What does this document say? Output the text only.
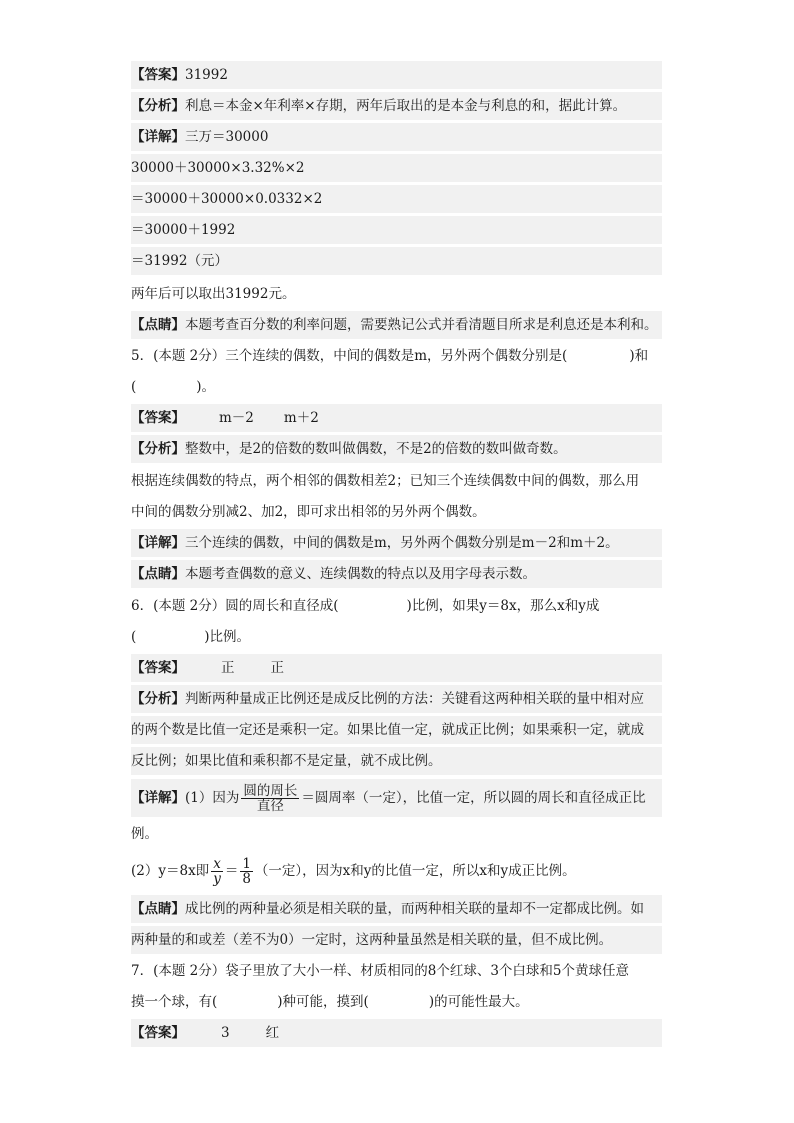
【答案】31992
【分析】利息＝本金×年利率×存期，两年后取出的是本金与利息的和，据此计算。
【详解】三万＝30000
30000＋30000×3.32%×2
＝30000＋30000×0.0332×2
＝30000＋1992
＝31992（元）
两年后可以取出31992元。
【点睛】本题考查百分数的利率问题，需要熟记公式并看清题目所求是利息还是本利和。
5．(本题 2分）三个连续的偶数，中间的偶数是m，另外两个偶数分别是(	)和
(	)。
【答案】	m－2 m＋2
【分析】整数中，是2的倍数的数叫做偶数，不是2的倍数的数叫做奇数。
根据连续偶数的特点，两个相邻的偶数相差2；已知三个连续偶数中间的偶数，那么用
中间的偶数分别减2、加2，即可求出相邻的另外两个偶数。
【详解】三个连续的偶数，中间的偶数是m，另外两个偶数分别是m－2和m＋2。
【点睛】本题考查偶数的意义、连续偶数的特点以及用字母表示数。
6．(本题 2分）圆的周长和直径成(	)比例，如果y＝8x，那么x和y成
(	)比例。
【答案】	正	正
【分析】判断两种量成正比例还是成反比例的方法：关键看这两种相关联的量中相对应
的两个数是比值一定还是乘积一定。如果比值一定，就成正比例；如果乘积一定，就成
反比例；如果比值和乘积都不是定量，就不成比例。
【详解】(1）因为 $\frac{\text{圆的周长}}{\text{直径}}$ ＝圆周率（一定），比值一定，所以圆的周长和直径成正比
例。
(2）y＝8x即 $\frac{x}{y} = \frac{1}{8}$ （一定），因为x和y的比值一定，所以x和y成正比例。
【点睛】成比例的两种量必须是相关联的量，而两种相关联的量却不一定都成比例。如
两种量的和或差（差不为0）一定时，这两种量虽然是相关联的量，但不成比例。
7．(本题 2分）袋子里放了大小一样、材质相同的8个红球、3个白球和5个黄球任意
摸一个球，有(	)种可能，摸到(	)的可能性最大。
【答案】	3	红
